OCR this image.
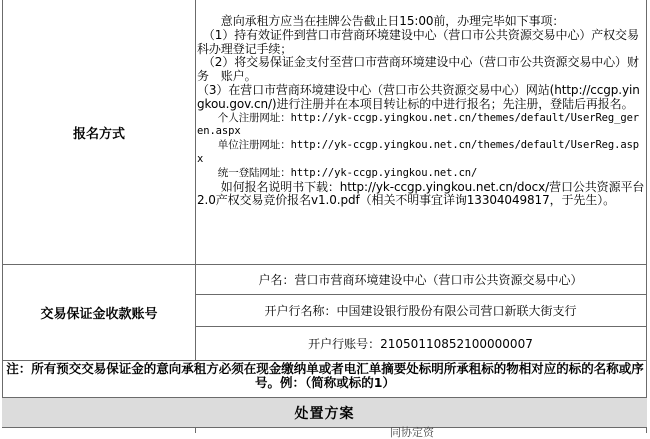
报名方式

　　意向承租方应当在挂牌公告截止日15:00前，办理完毕如下事项：

　（1）持有效证件到营口市营商环境建设中心（营口市公共资源交易中心）产权交易科办理登记手续；

　（2）将交易保证金支付至营口市营商环境建设中心（营口市公共资源交易中心）财务　账户。

（3）在营口市营商环境建设中心（营口市公共资源交易中心）网站(http://ccgp.yingkou.gov.cn/)进行注册并在本项目转让标的中进行报名；先注册，登陆后再报名。

　　个人注册网址：http://yk-ccgp.yingkou.net.cn/themes/default/UserReg_geren.aspx

　　单位注册网址：http://yk-ccgp.yingkou.net.cn/themes/default/UserReg.aspx

　　统一登陆网址：http://yk-ccgp.yingkou.net.cn/

　　如何报名说明书下载：http://yk-ccgp.yingkou.net.cn/docx/营口公共资源平台2.0产权交易竞价报名v1.0.pdf（相关不明事宜详询13304049817，于先生）。

交易保证金收款账号
户名：营口市营商环境建设中心（营口市公共资源交易中心）
开户行名称：中国建设银行股份有限公司营口新联大街支行
开户行账号：21050110852100000007
注：所有预交交易保证金的意向承租方必须在现金缴纳单或者电汇单摘要处标明所承租标的物相对应的标的名称或序号。例：（简称或标的1）
处置方案
同协定资
